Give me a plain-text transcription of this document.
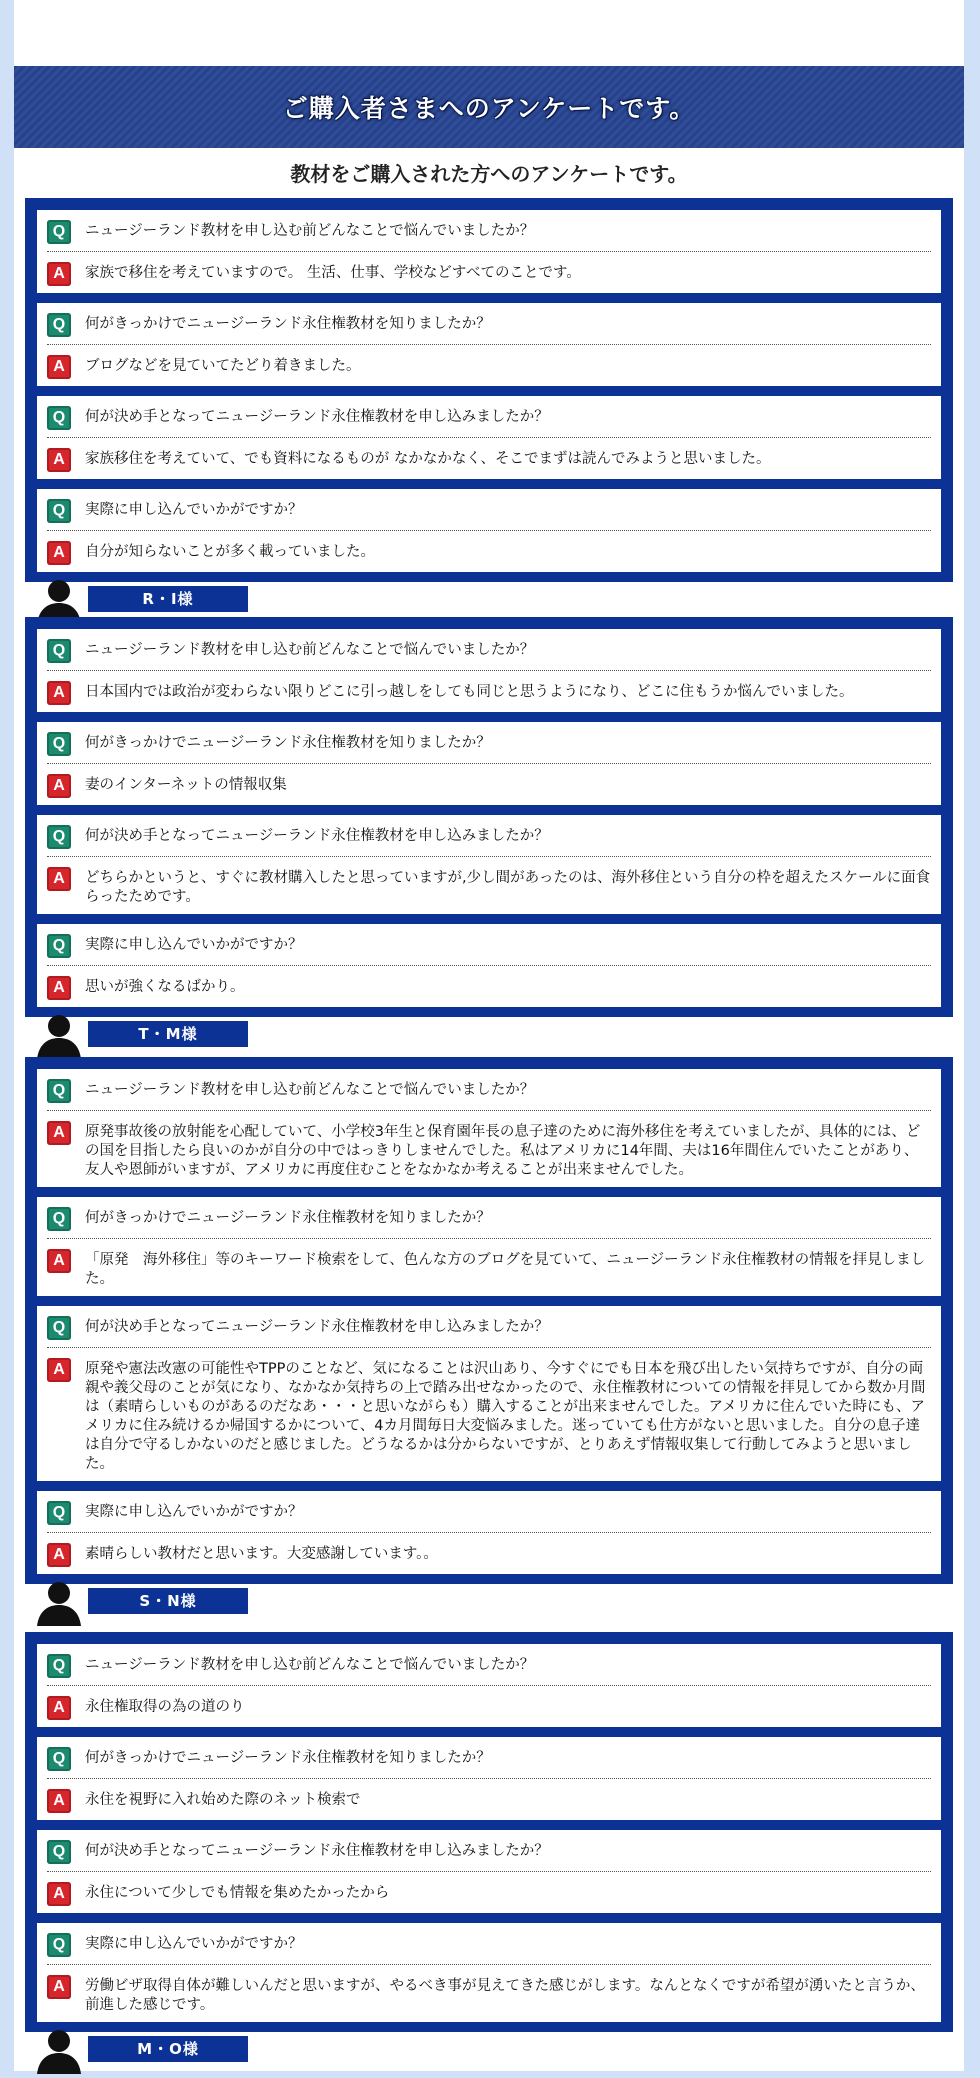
ご購入者さまへのアンケートです。
教材をご購入された方へのアンケートです。
Q	ニュージーランド教材を申し込む前どんなことで悩んでいましたか？
A	家族で移住を考えていますので。 生活、仕事、学校などすべてのことです。
Q	何がきっかけでニュージーランド永住権教材を知りましたか？
A	ブログなどを見ていてたどり着きました。
Q	何が決め手となってニュージーランド永住権教材を申し込みましたか？
A	家族移住を考えていて、でも資料になるものが なかなかなく、そこでまずは読んでみようと思いました。
Q	実際に申し込んでいかがですか？
A	自分が知らないことが多く載っていました。
R・I様
Q	ニュージーランド教材を申し込む前どんなことで悩んでいましたか？
A	日本国内では政治が変わらない限りどこに引っ越しをしても同じと思うようになり、どこに住もうか悩んでいました。
Q	何がきっかけでニュージーランド永住権教材を知りましたか？
A	妻のインターネットの情報収集
Q	何が決め手となってニュージーランド永住権教材を申し込みましたか？
A	どちらかというと、すぐに教材購入したと思っていますが,少し間があったのは、海外移住という自分の枠を超えたスケールに面食らったためです。
Q	実際に申し込んでいかがですか？
A	思いが強くなるばかり。
T・M様
Q	ニュージーランド教材を申し込む前どんなことで悩んでいましたか？
A	原発事故後の放射能を心配していて、小学校3年生と保育園年長の息子達のために海外移住を考えていましたが、具体的には、どの国を目指したら良いのかが自分の中ではっきりしませんでした。私はアメリカに14年間、夫は16年間住んでいたことがあり、友人や恩師がいますが、アメリカに再度住むことをなかなか考えることが出来ませんでした。
Q	何がきっかけでニュージーランド永住権教材を知りましたか？
A	「原発　海外移住」等のキーワード検索をして、色んな方のブログを見ていて、ニュージーランド永住権教材の情報を拝見しました。
Q	何が決め手となってニュージーランド永住権教材を申し込みましたか？
A	原発や憲法改憲の可能性やTPPのことなど、気になることは沢山あり、今すぐにでも日本を飛び出したい気持ちですが、自分の両親や義父母のことが気になり、なかなか気持ちの上で踏み出せなかったので、永住権教材についての情報を拝見してから数か月間は（素晴らしいものがあるのだなあ・・・と思いながらも）購入することが出来ませんでした。アメリカに住んでいた時にも、アメリカに住み続けるか帰国するかについて、4カ月間毎日大変悩みました。迷っていても仕方がないと思いました。自分の息子達は自分で守るしかないのだと感じました。どうなるかは分からないですが、とりあえず情報収集して行動してみようと思いました。
Q	実際に申し込んでいかがですか？
A	素晴らしい教材だと思います。大変感謝しています。。
S・N様
Q	ニュージーランド教材を申し込む前どんなことで悩んでいましたか？
A	永住権取得の為の道のり
Q	何がきっかけでニュージーランド永住権教材を知りましたか？
A	永住を視野に入れ始めた際のネット検索で
Q	何が決め手となってニュージーランド永住権教材を申し込みましたか？
A	永住について少しでも情報を集めたかったから
Q	実際に申し込んでいかがですか？
A	労働ビザ取得自体が難しいんだと思いますが、やるべき事が見えてきた感じがします。なんとなくですが希望が湧いたと言うか、前進した感じです。
M・O様
